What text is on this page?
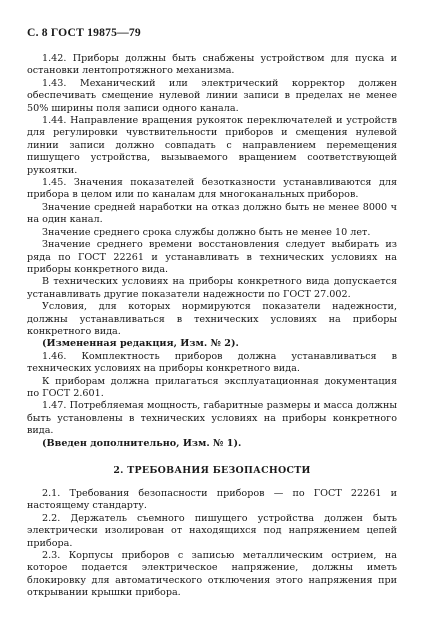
С. 8 ГОСТ 19875—79

1.42. Приборы должны быть снабжены устройством для пуска и остановки лентопротяжного механизма.

1.43. Механический или электрический корректор должен обеспечивать смещение нулевой линии записи в пределах не менее 50% ширины поля записи одного канала.

1.44. Направление вращения рукояток переключателей и устройств для регулировки чувствительности приборов и смещения нулевой линии записи должно совпадать с направлением перемещения пишущего устройства, вызываемого вращением соответствующей рукоятки.

1.45. Значения показателей безотказности устанавливаются для прибора в целом или по каналам для многоканальных приборов.

Значение средней наработки на отказ должно быть не менее 8000 ч на один канал.

Значение среднего срока службы должно быть не менее 10 лет.

Значение среднего времени восстановления следует выбирать из ряда по ГОСТ 22261 и устанавливать в технических условиях на приборы конкретного вида.

В технических условиях на приборы конкретного вида допускается устанавливать другие показатели надежности по ГОСТ 27.002.

Условия, для которых нормируются показатели надежности, должны устанавливаться в технических условиях на приборы конкретного вида.

(Измененная редакция, Изм. № 2).

1.46. Комплектность приборов должна устанавливаться в технических условиях на приборы конкретного вида.

К приборам должна прилагаться эксплуатационная документация по ГОСТ 2.601.

1.47. Потребляемая мощность, габаритные размеры и масса должны быть установлены в технических условиях на приборы конкретного вида.

(Введен дополнительно, Изм. № 1).

2. ТРЕБОВАНИЯ БЕЗОПАСНОСТИ

2.1. Требования безопасности приборов — по ГОСТ 22261 и настоящему стандарту.

2.2. Держатель съемного пишущего устройства должен быть электрически изолирован от находящихся под напряжением цепей прибора.

2.3. Корпусы приборов с записью металлическим острием, на которое подается электрическое напряжение, должны иметь блокировку для автоматического отключения этого напряжения при открывании крышки прибора.
